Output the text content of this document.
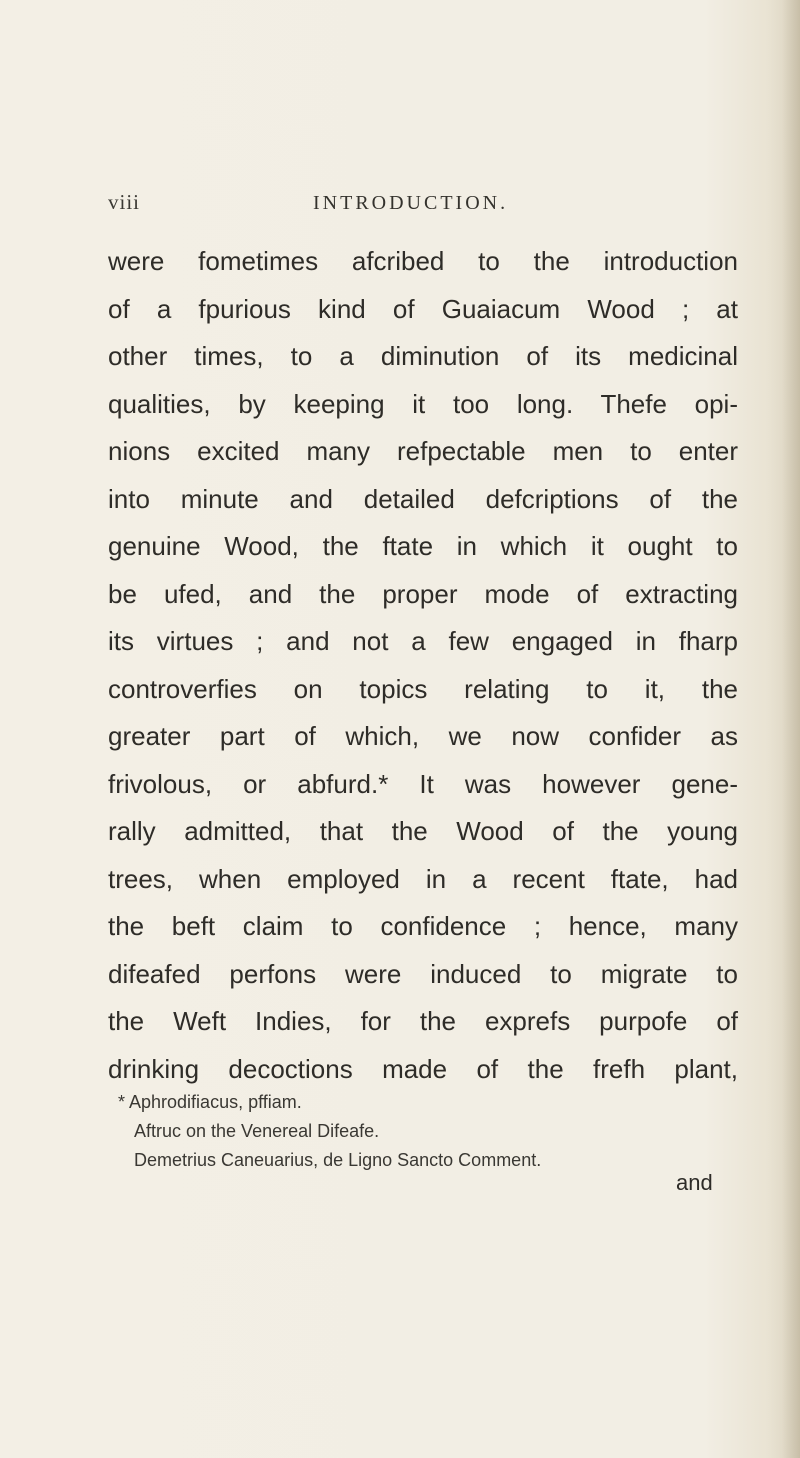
viii	INTRODUCTION.
were fometimes afcribed to the introduction
of a fpurious kind of Guaiacum Wood ; at
other times, to a diminution of its medicinal
qualities, by keeping it too long. Thefe opi-
nions excited many refpectable men to enter
into minute and detailed defcriptions of the
genuine Wood, the ftate in which it ought to
be ufed, and the proper mode of extracting
its virtues ; and not a few engaged in fharp
controverfies on topics relating to it, the
greater part of which, we now confider as
frivolous, or abfurd.* It was however gene-
rally admitted, that the Wood of the young
trees, when employed in a recent ftate, had
the beft claim to confidence ; hence, many
difeafed perfons were induced to migrate to
the Weft Indies, for the exprefs purpofe of
drinking decoctions made of the frefh plant,
* Aphrodifiacus, pffiam.
Aftruc on the Venereal Difeafe.
Demetrius Caneuarius, de Ligno Sancto Comment.
and
